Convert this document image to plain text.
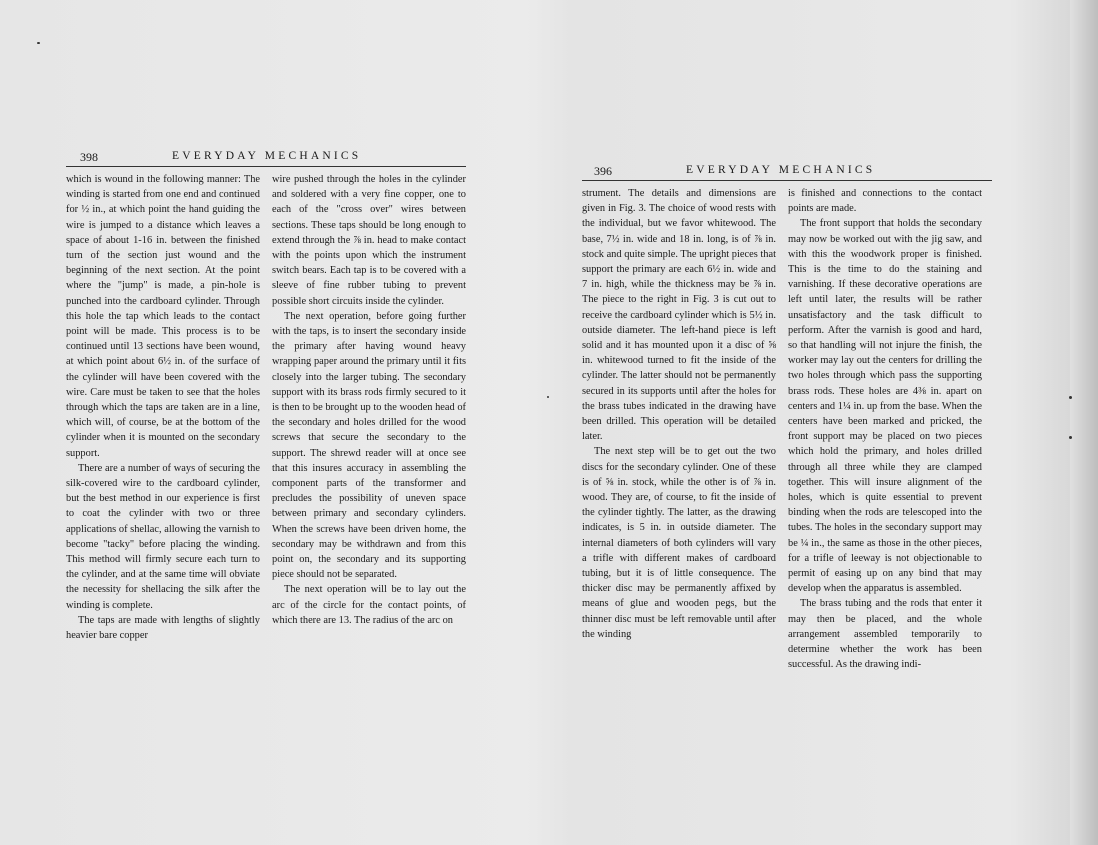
398	EVERYDAY MECHANICS

which is wound in the following manner: The winding is started from one end and continued for ½ in., at which point the hand guiding the wire is jumped to a distance which leaves a space of about 1-16 in. between the finished turn of the section just wound and the beginning of the next section. At the point where the "jump" is made, a pin-hole is punched into the cardboard cylinder. Through this hole the tap which leads to the contact point will be made. This process is to be continued until 13 sections have been wound, at which point about 6½ in. of the surface of the cylinder will have been covered with the wire. Care must be taken to see that the holes through which the taps are taken are in a line, which will, of course, be at the bottom of the cylinder when it is mounted on the secondary support.

There are a number of ways of securing the silk-covered wire to the cardboard cylinder, but the best method in our experience is first to coat the cylinder with two or three applications of shellac, allowing the varnish to become "tacky" before placing the winding. This method will firmly secure each turn to the cylinder, and at the same time will obviate the necessity for shellacing the silk after the winding is complete.

The taps are made with lengths of slightly heavier bare copper

wire pushed through the holes in the cylinder and soldered with a very fine copper, one to each of the "cross over" wires between sections. These taps should be long enough to extend through the ⅞ in. head to make contact with the points upon which the instrument switch bears. Each tap is to be covered with a sleeve of fine rubber tubing to prevent possible short circuits inside the cylinder.

The next operation, before going further with the taps, is to insert the secondary inside the primary after having wound heavy wrapping paper around the primary until it fits closely into the larger tubing. The secondary support with its brass rods firmly secured to it is then to be brought up to the wooden head of the secondary and holes drilled for the wood screws that secure the secondary to the support. The shrewd reader will at once see that this insures accuracy in assembling the component parts of the transformer and precludes the possibility of uneven space between primary and secondary cylinders. When the screws have been driven home, the secondary may be withdrawn and from this point on, the secondary and its supporting piece should not be separated.

The next operation will be to lay out the arc of the circle for the contact points, of which there are 13. The radius of the arc on

396	EVERYDAY MECHANICS

strument. The details and dimensions are given in Fig. 3. The choice of wood rests with the individual, but we favor whitewood. The base, 7½ in. wide and 18 in. long, is of ⅞ in. stock and quite simple. The upright pieces that support the primary are each 6½ in. wide and 7 in. high, while the thickness may be ⅞ in. The piece to the right in Fig. 3 is cut out to receive the cardboard cylinder which is 5½ in. outside diameter. The left-hand piece is left solid and it has mounted upon it a disc of ⅝ in. whitewood turned to fit the inside of the cylinder. The latter should not be permanently secured in its supports until after the holes for the brass tubes indicated in the drawing have been drilled. This operation will be detailed later.

The next step will be to get out the two discs for the secondary cylinder. One of these is of ⅝ in. stock, while the other is of ⅞ in. wood. They are, of course, to fit the inside of the cylinder tightly. The latter, as the drawing indicates, is 5 in. in outside diameter. The internal diameters of both cylinders will vary a trifle with different makes of cardboard tubing, but it is of little consequence. The thicker disc may be permanently affixed by means of glue and wooden pegs, but the thinner disc must be left removable until after the winding

is finished and connections to the contact points are made.

The front support that holds the secondary may now be worked out with the jig saw, and with this the woodwork proper is finished. This is the time to do the staining and varnishing. If these decorative operations are left until later, the results will be rather unsatisfactory and the task difficult to perform. After the varnish is good and hard, so that handling will not injure the finish, the worker may lay out the centers for drilling the two holes through which pass the supporting brass rods. These holes are 4⅜ in. apart on centers and 1¼ in. up from the base. When the centers have been marked and pricked, the front support may be placed on two pieces which hold the primary, and holes drilled through all three while they are clamped together. This will insure alignment of the holes, which is quite essential to prevent binding when the rods are telescoped into the tubes. The holes in the secondary support may be ¼ in., the same as those in the other pieces, for a trifle of leeway is not objectionable to permit of easing up on any bind that may develop when the apparatus is assembled.

The brass tubing and the rods that enter it may then be placed, and the whole arrangement assembled temporarily to determine whether the work has been successful. As the drawing indi-
